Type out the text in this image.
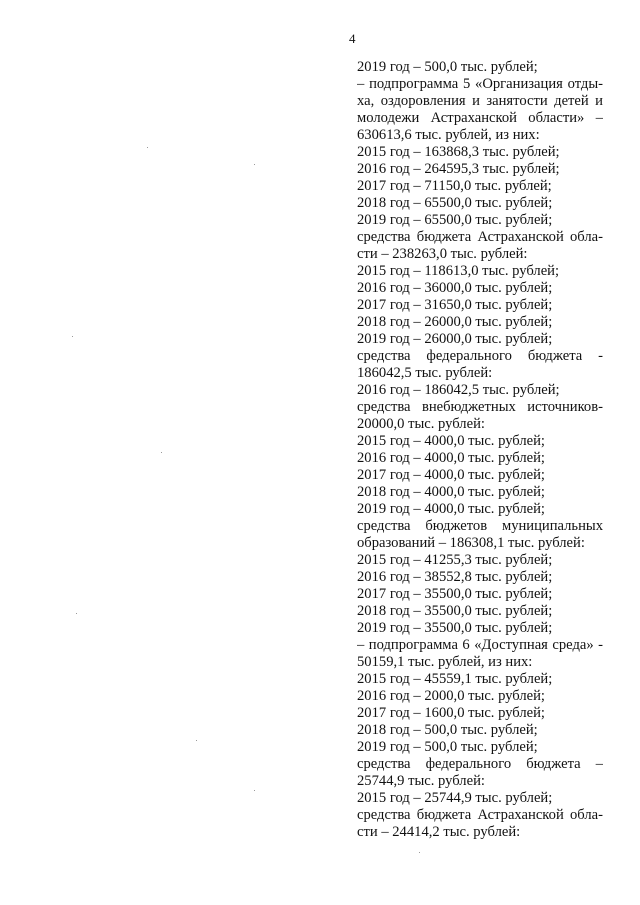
4
2019 год – 500,0 тыс. рублей;
– подпрограмма 5 «Организация отды-
ха, оздоровления и занятости детей и
молодежи Астраханской области» –
630613,6 тыс. рублей, из них:
2015 год – 163868,3 тыс. рублей;
2016 год – 264595,3 тыс. рублей;
2017 год – 71150,0 тыс. рублей;
2018 год – 65500,0 тыс. рублей;
2019 год – 65500,0 тыс. рублей;
средства бюджета Астраханской обла-
сти – 238263,0 тыс. рублей:
2015 год – 118613,0 тыс. рублей;
2016 год – 36000,0 тыс. рублей;
2017 год – 31650,0 тыс. рублей;
2018 год – 26000,0 тыс. рублей;
2019 год – 26000,0 тыс. рублей;
средства федерального бюджета -
186042,5 тыс. рублей:
2016 год – 186042,5 тыс. рублей;
средства внебюджетных источников-
20000,0 тыс. рублей:
2015 год – 4000,0 тыс. рублей;
2016 год – 4000,0 тыс. рублей;
2017 год – 4000,0 тыс. рублей;
2018 год – 4000,0 тыс. рублей;
2019 год – 4000,0 тыс. рублей;
средства бюджетов муниципальных
образований – 186308,1 тыс. рублей:
2015 год – 41255,3 тыс. рублей;
2016 год – 38552,8 тыс. рублей;
2017 год – 35500,0 тыс. рублей;
2018 год – 35500,0 тыс. рублей;
2019 год – 35500,0 тыс. рублей;
– подпрограмма 6 «Доступная среда» -
50159,1 тыс. рублей, из них:
2015 год – 45559,1 тыс. рублей;
2016 год – 2000,0 тыс. рублей;
2017 год – 1600,0 тыс. рублей;
2018 год – 500,0 тыс. рублей;
2019 год – 500,0 тыс. рублей;
средства федерального бюджета –
25744,9 тыс. рублей:
2015 год – 25744,9 тыс. рублей;
средства бюджета Астраханской обла-
сти – 24414,2 тыс. рублей:
